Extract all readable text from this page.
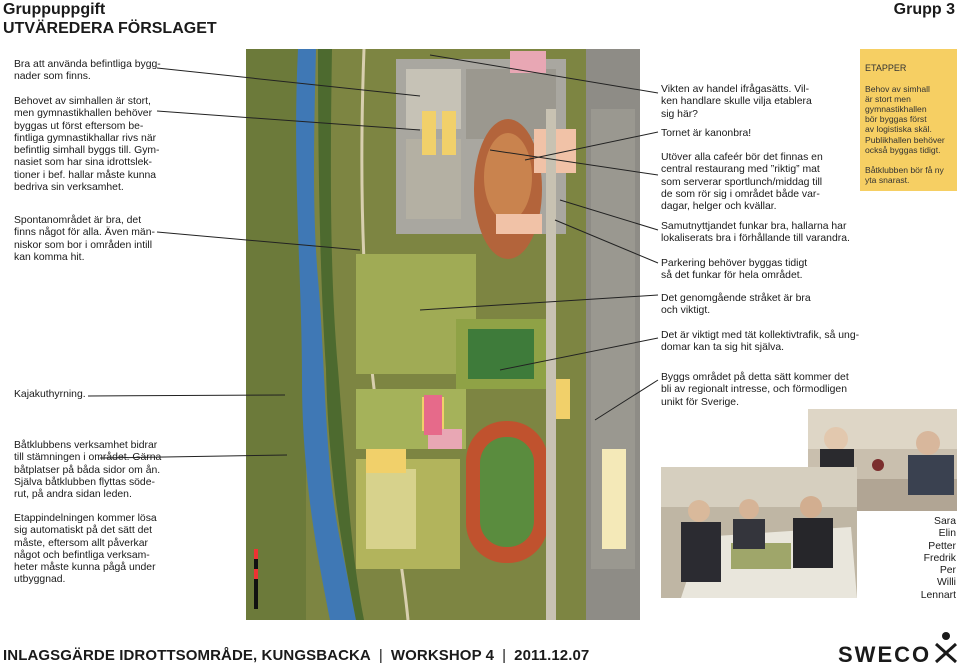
Gruppuppgift
UTVÄREDERA FÖRSLAGET
Grupp 3
Bra att använda befintliga bygg-
nader som finns.
Behovet av simhallen är stort,
men gymnastikhallen behöver
byggas ut först eftersom be-
fintliga gymnastikhallar rivs när
befintlig simhall byggs till. Gym-
nasiet som har sina idrottslek-
tioner i bef. hallar måste kunna
bedriva sin verksamhet.
Spontanområdet är bra, det
finns något för alla. Även män-
niskor som bor i områden intill
kan komma hit.
Kajakuthyrning.
Båtklubbens verksamhet bidrar
till stämningen i området. Gärna
båtplatser på båda sidor om ån.
Själva båtklubben flyttas söde-
rut, på andra sidan leden.
Etappindelningen kommer lösa
sig automatiskt på det sätt det
måste, eftersom allt påverkar
något och befintliga verksam-
heter måste kunna pågå under
utbyggnad.
Vikten av handel ifrågasätts. Vil-
ken handlare skulle vilja etablera
sig här?
Tornet är kanonbra!
Utöver alla cafeér bör det finnas en
central restaurang med ”riktig” mat
som serverar sportlunch/middag till
de som rör sig i området både var-
dagar, helger och kvällar.
Samutnyttjandet funkar bra, hallarna har
lokaliserats bra i förhållande till varandra.
Parkering behöver byggas tidigt
så det funkar för hela området.
Det genomgående stråket är bra
och viktigt.
Det är viktigt med tät kollektivtrafik, så ung-
domar kan ta sig hit själva.
Byggs området på detta sätt kommer det
bli av regionalt intresse, och förmodligen
unikt för Sverige.

ETAPPER

Behov av simhall
är stort men
gymnastikhallen
bör byggas först
av logistiska skäl.
Publikhallen behöver
också byggas tidigt.

Båtklubben bör få ny
yta snarast.

Sara
Elin
Petter
Fredrik
Per
Willi
Lennart
INLAGSGÄRDE IDROTTSOMRÅDE, KUNGSBACKA | WORKSHOP 4 | 2011.12.07	SWECO
